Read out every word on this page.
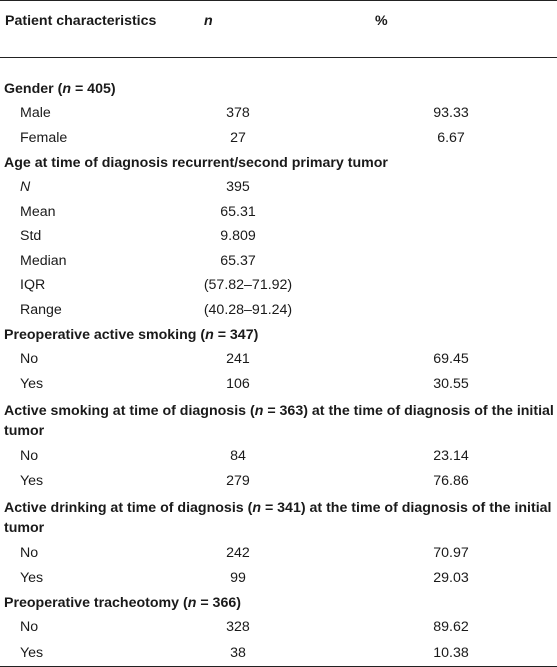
Patient characteristics	n	%

Gender (n = 405)		
Male	378	93.33
Female	27	6.67
Age at time of diagnosis recurrent/second primary tumor		
N	395	
Mean	65.31	
Std	9.809	
Median	65.37	
IQR	(57.82–71.92)	
Range	(40.28–91.24)	
Preoperative active smoking (n = 347)		
No	241	69.45
Yes	106	30.55
Active smoking at time of diagnosis (n = 363) at the time of diagnosis of the initial tumor		
No	84	23.14
Yes	279	76.86
Active drinking at time of diagnosis (n = 341) at the time of diagnosis of the initial tumor		
No	242	70.97
Yes	99	29.03
Preoperative tracheotomy (n = 366)		
No	328	89.62
Yes	38	10.38
